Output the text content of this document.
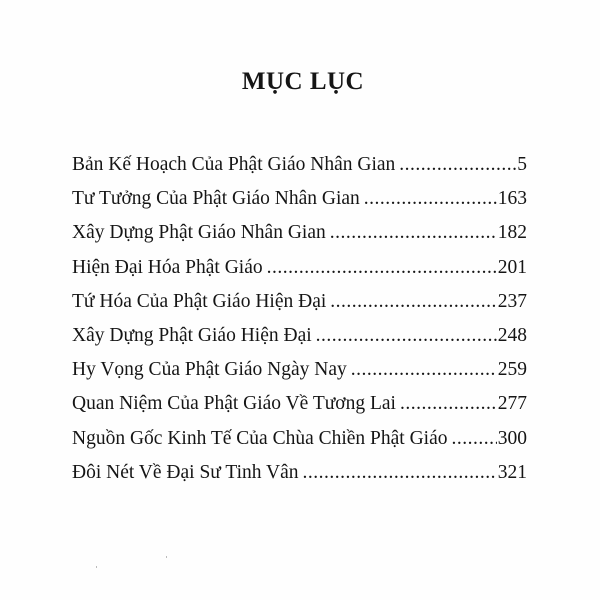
MỤC LỤC
Bản Kế Hoạch Của Phật Giáo Nhân Gian .....	5
Tư Tưởng Của Phật Giáo Nhân Gian .....	163
Xây Dựng Phật Giáo Nhân Gian .....	182
Hiện Đại Hóa Phật Giáo .....	201
Tứ Hóa Của Phật Giáo Hiện Đại .....	237
Xây Dựng Phật Giáo Hiện Đại .....	248
Hy Vọng Của Phật Giáo Ngày Nay .....	259
Quan Niệm Của Phật Giáo Về Tương Lai .....	277
Nguồn Gốc Kinh Tế Của Chùa Chiền Phật Giáo .....	300
Đôi Nét Về Đại Sư Tinh Vân .....	321
